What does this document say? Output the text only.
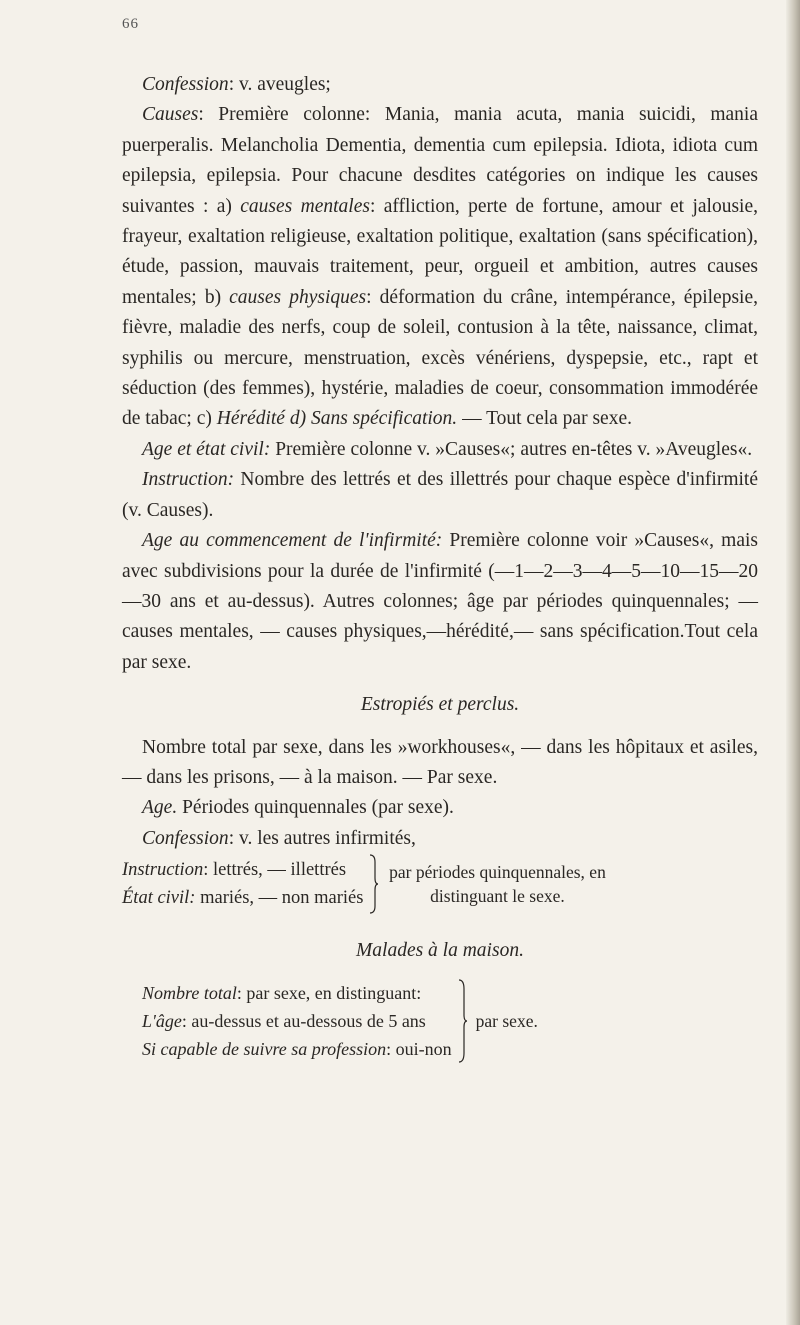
66

Confession: v. aveugles;

Causes: Première colonne: Mania, mania acuta, mania suicidi, mania puerperalis. Melancholia Dementia, dementia cum epilepsia. Idiota, idiota cum epilepsia, epilepsia. Pour chacune desdites catégories on indique les causes suivantes : a) causes mentales: affliction, perte de fortune, amour et jalousie, frayeur, exaltation religieuse, exaltation politique, exaltation (sans spécification), étude, passion, mauvais traitement, peur, orgueil et ambition, autres causes mentales; b) causes physiques: déformation du crâne, intempérance, épilepsie, fièvre, maladie des nerfs, coup de soleil, contusion à la tête, naissance, climat, syphilis ou mercure, menstruation, excès vénériens, dyspepsie, etc., rapt et séduction (des femmes), hystérie, maladies de coeur, consommation immodérée de tabac; c) Hérédité d) Sans spécification. — Tout cela par sexe.

Age et état civil: Première colonne v. »Causes«; autres en-têtes v. »Aveugles«.

Instruction: Nombre des lettrés et des illettrés pour chaque espèce d'infirmité (v. Causes).

Age au commencement de l'infirmité: Première colonne voir »Causes«, mais avec subdivisions pour la durée de l'infirmité (—1—2—3—4—5—10—15—20—30 ans et au-dessus). Autres colonnes; âge par périodes quinquennales; — causes mentales, — causes physiques,—hérédité,— sans spécification.Tout cela par sexe.

Estropiés et perclus.

Nombre total par sexe, dans les »workhouses«, — dans les hôpitaux et asiles, — dans les prisons, — à la maison. — Par sexe.

Age. Périodes quinquennales (par sexe).

Confession: v. les autres infirmités,

Instruction: lettrés, — illettrés

État civil: mariés, — non mariés

par périodes quinquennales, en distinguant le sexe.

Malades à la maison.

Nombre total: par sexe, en distinguant:

L'âge: au-dessus et au-dessous de 5 ans

Si capable de suivre sa profession: oui-non

par sexe.
